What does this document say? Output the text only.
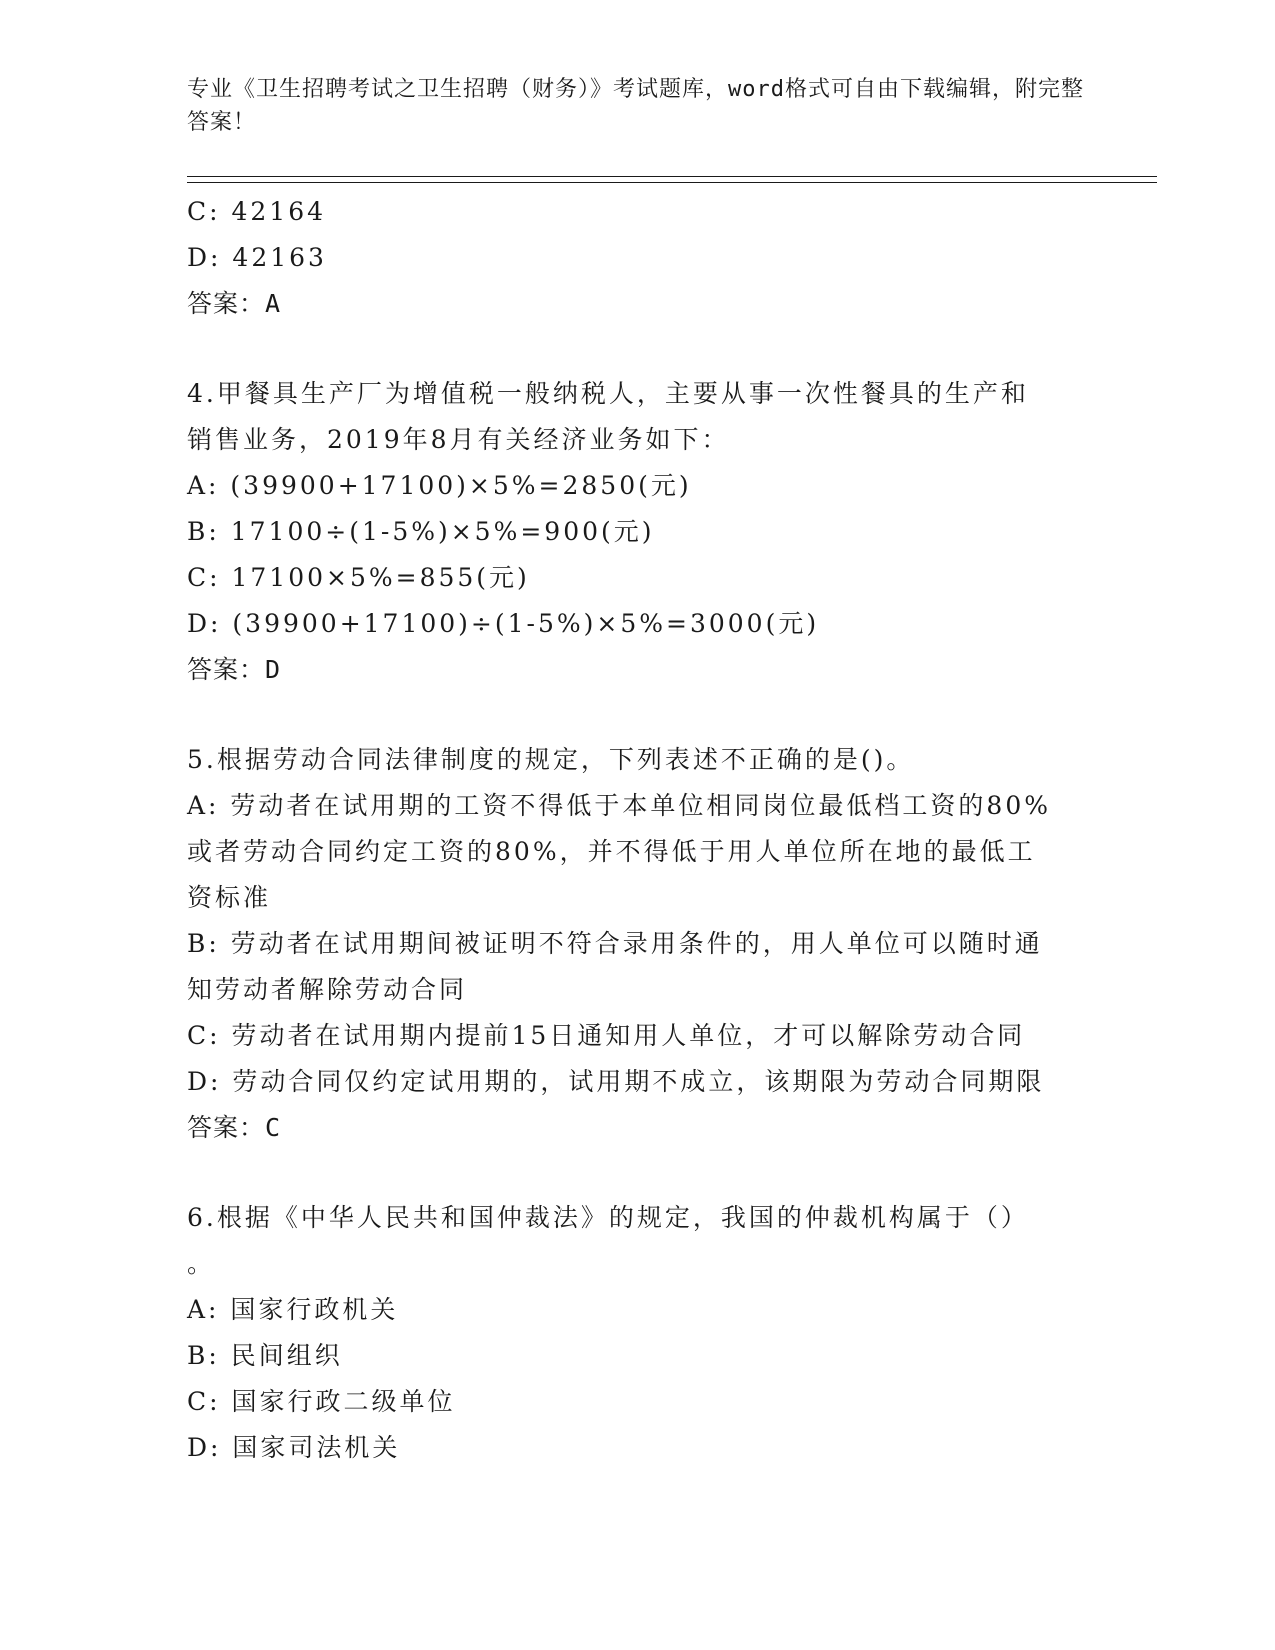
专业《卫生招聘考试之卫生招聘（财务）》考试题库，word格式可自由下载编辑，附完整答案！
C: 42164
D: 42163
答案：A
4.甲餐具生产厂为增值税一般纳税人，主要从事一次性餐具的生产和
销售业务，2019年8月有关经济业务如下：
A: (39900+17100)×5%=2850(元)
B: 17100÷(1-5%)×5%=900(元)
C: 17100×5%=855(元)
D: (39900+17100)÷(1-5%)×5%=3000(元)
答案：D
5.根据劳动合同法律制度的规定，下列表述不正确的是()。
A: 劳动者在试用期的工资不得低于本单位相同岗位最低档工资的80%
或者劳动合同约定工资的80%，并不得低于用人单位所在地的最低工
资标准
B: 劳动者在试用期间被证明不符合录用条件的，用人单位可以随时通
知劳动者解除劳动合同
C: 劳动者在试用期内提前15日通知用人单位，才可以解除劳动合同
D: 劳动合同仅约定试用期的，试用期不成立，该期限为劳动合同期限
答案：C
6.根据《中华人民共和国仲裁法》的规定，我国的仲裁机构属于（）
。
A: 国家行政机关
B: 民间组织
C: 国家行政二级单位
D: 国家司法机关
